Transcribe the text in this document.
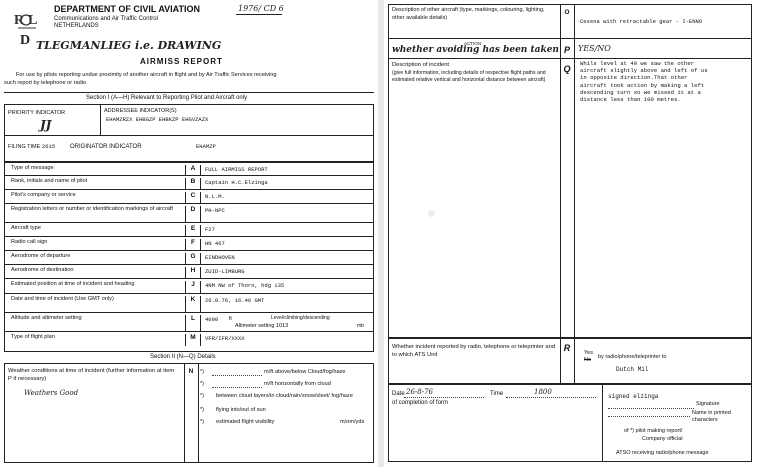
R L
D
DEPARTMENT OF CIVIL AVIATION
Communications and Air Traffic Control
NETHERLANDS
1976/ CD 6
TLEGMANLIEG i.e. DRAWING
AIRMISS REPORT
For use by pilots reporting undue proximity of another aircraft in flight and by Air Traffic Services receiving
such report by telephone or radio
Section I (A—H) Relevant to Reporting Pilot and Aircraft only
PRIORITY INDICATOR
JJ
ADDRESSEE INDICATOR(S)
EHAMZRZX EHBGZP EHBKZP EHGVZAZX
FILING TIME 2615 ORIGINATOR INDICATOR	EHAMZP
Type of message	A	FULL AIRMISS REPORT
Rank, initials and name of pilot	B	Captain H.C.Elzinga
Pilot's company or service	C	N.L.M.
Registration letters or number or identification markings of aircraft	D	PH-NPC
Aircraft type	E	F27
Radio call sign	F	HN 467
Aerodrome of departure	G	EINDHOVEN
Aerodrome of destination	H	ZUID-LIMBURG
Estimated position at time of incident and heading	J	4NM NW of Thorn, hdg 135
Date and time of incident (Use GMT only)	K	26.8.76, 16.46 GMT
Altitude and altimeter setting	L	4000 ft	Level/climbing/descending
Altimeter setting 1013	mb
Type of flight plan	M	VFR/IFR/XXXX
Section II (N—Q) Details
Weather conditions at time of incident (further information at item P if necessary)
Weathers Good
N	*)	m/ft above/below Cloud/fog/haze
*)	m/ft horizontally from cloud
*) between cloud layers/in cloud/rain/snow/sleet/ fog/haze
*) flying into/out of sun
*) estimated flight visibility	m/nm/yds
Description of other aircraft (type, markings, colouring, lighting, other available details)
O
Cessna with retractable gear - I-ENNO
ACTION
whether avoiding has been taken P	YES/NO
Description of incident
(give full information, including details of respective flight paths and estimated relative vertical and horizontal distance between aircraft)
Q
Whils level at 40 we saw the other
aircraft slightly above and left of us
in opposite direction.That other
aircraft took action by making a left
descending turn so we missed it at a
distance less than 100 metres.
Whether incident reported by radio, telephone or teleprinter and to which ATS Unit
R	Yes
No by radio/phone/teleprinter to
Dutch Mil
Date 26-8-76	Time	1800
of completion of form
signed elzinga
Signature
Name in printed characters
of *) pilot making report/
Company official
ATSO receiving radio/phone message
